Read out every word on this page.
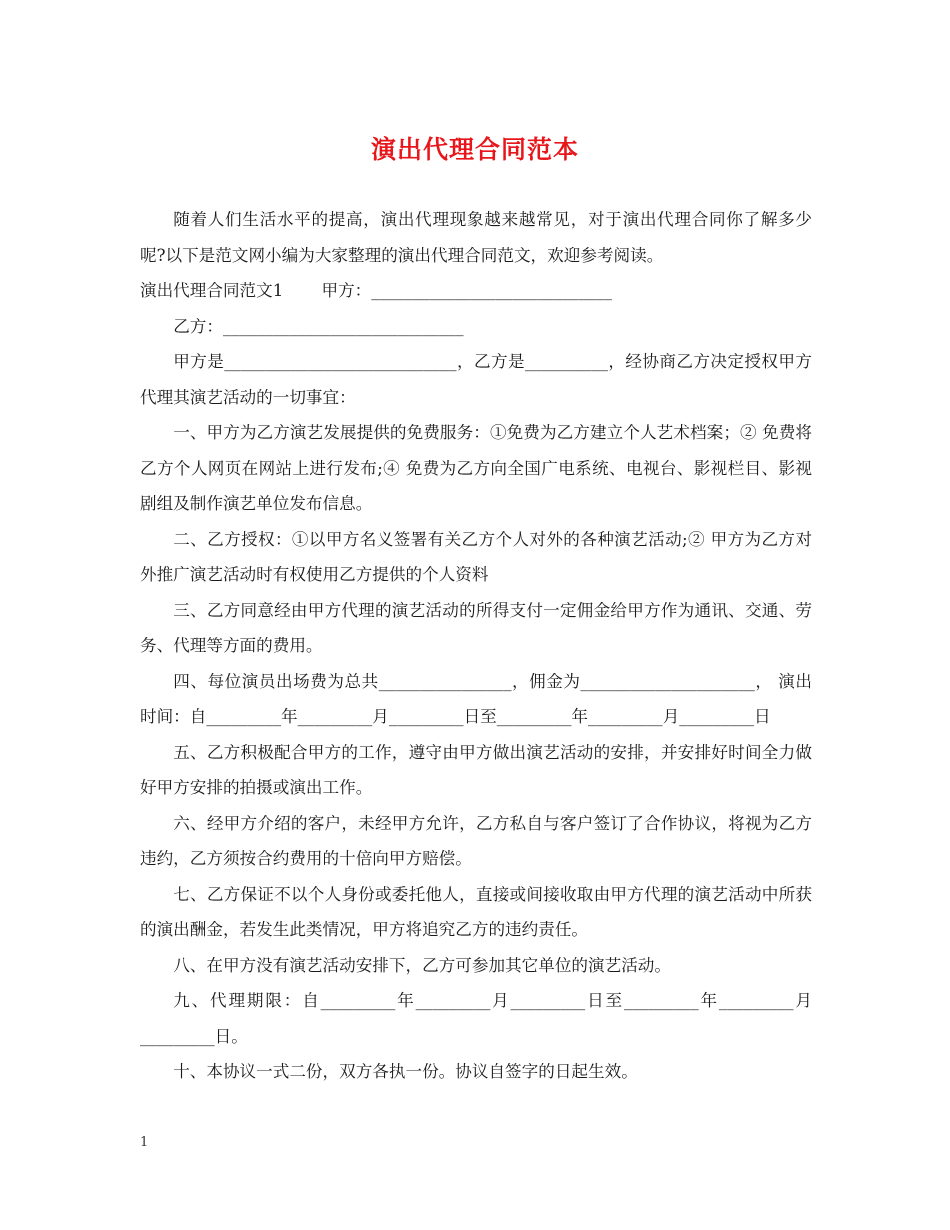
演出代理合同范本

随着人们生活水平的提高，演出代理现象越来越常见，对于演出代理合同你了解多少呢?以下是范文网小编为大家整理的演出代理合同范文，欢迎参考阅读。

演出代理合同范文1 甲方：_____________________________

乙方：_____________________________

甲方是____________________________，乙方是__________，经协商乙方决定授权甲方代理其演艺活动的一切事宜：

一、甲方为乙方演艺发展提供的免费服务：①免费为乙方建立个人艺术档案；② 免费将乙方个人网页在网站上进行发布;④ 免费为乙方向全国广电系统、电视台、影视栏目、影视剧组及制作演艺单位发布信息。

二、乙方授权：①以甲方名义签署有关乙方个人对外的各种演艺活动;② 甲方为乙方对外推广演艺活动时有权使用乙方提供的个人资料

三、乙方同意经由甲方代理的演艺活动的所得支付一定佣金给甲方作为通讯、交通、劳务、代理等方面的费用。

四、每位演员出场费为总共________________，佣金为_____________________， 演出时间：自_________年_________月_________日至_________年_________月_________日

五、乙方积极配合甲方的工作，遵守由甲方做出演艺活动的安排，并安排好时间全力做好甲方安排的拍摄或演出工作。

六、经甲方介绍的客户，未经甲方允许，乙方私自与客户签订了合作协议，将视为乙方违约，乙方须按合约费用的十倍向甲方赔偿。

七、乙方保证不以个人身份或委托他人，直接或间接收取由甲方代理的演艺活动中所获的演出酬金，若发生此类情况，甲方将追究乙方的违约责任。

八、在甲方没有演艺活动安排下，乙方可参加其它单位的演艺活动。

九、代理期限：自_________年_________月_________日至_________年_________月_________日。

十、本协议一式二份，双方各执一份。协议自签字的日起生效。

1
